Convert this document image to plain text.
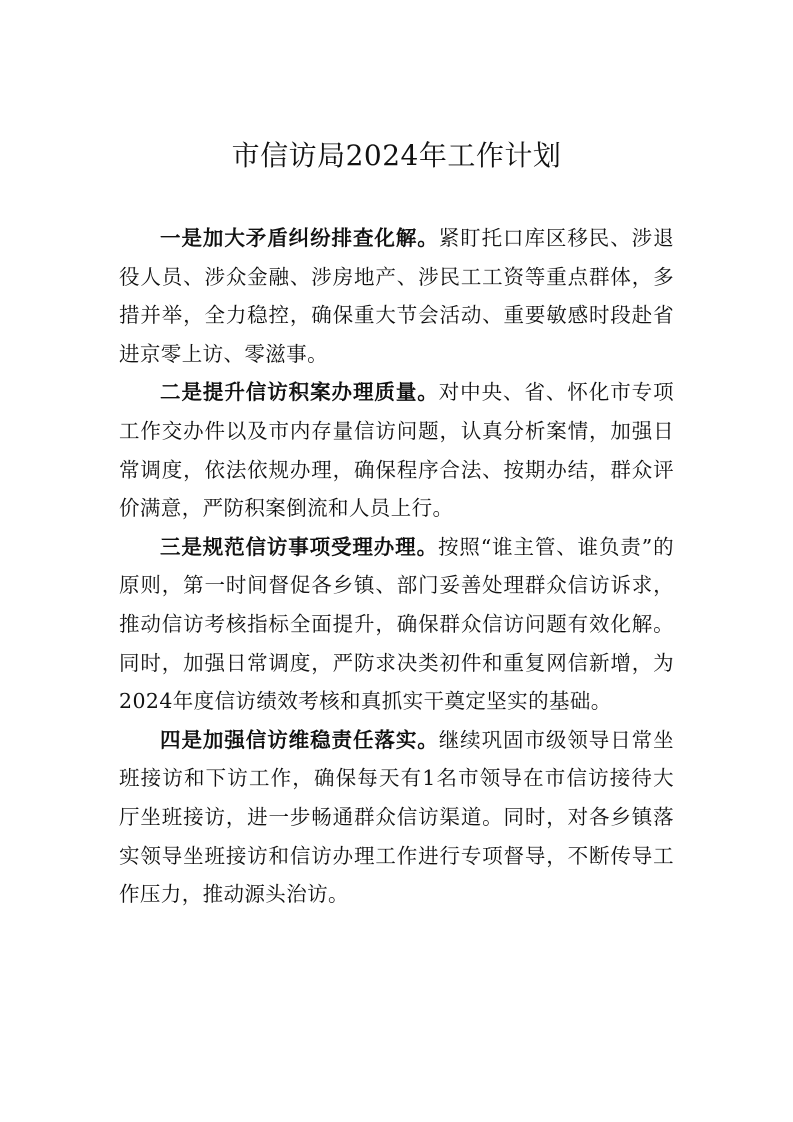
市信访局2024年工作计划

一是加大矛盾纠纷排查化解。紧盯托口库区移民、涉退役人员、涉众金融、涉房地产、涉民工工资等重点群体，多措并举，全力稳控，确保重大节会活动、重要敏感时段赴省进京零上访、零滋事。

二是提升信访积案办理质量。对中央、省、怀化市专项工作交办件以及市内存量信访问题，认真分析案情，加强日常调度，依法依规办理，确保程序合法、按期办结，群众评价满意，严防积案倒流和人员上行。

三是规范信访事项受理办理。按照“谁主管、谁负责”的原则，第一时间督促各乡镇、部门妥善处理群众信访诉求，推动信访考核指标全面提升，确保群众信访问题有效化解。同时，加强日常调度，严防求决类初件和重复网信新增，为2024年度信访绩效考核和真抓实干奠定坚实的基础。

四是加强信访维稳责任落实。继续巩固市级领导日常坐班接访和下访工作，确保每天有1名市领导在市信访接待大厅坐班接访，进一步畅通群众信访渠道。同时，对各乡镇落实领导坐班接访和信访办理工作进行专项督导，不断传导工作压力，推动源头治访。
